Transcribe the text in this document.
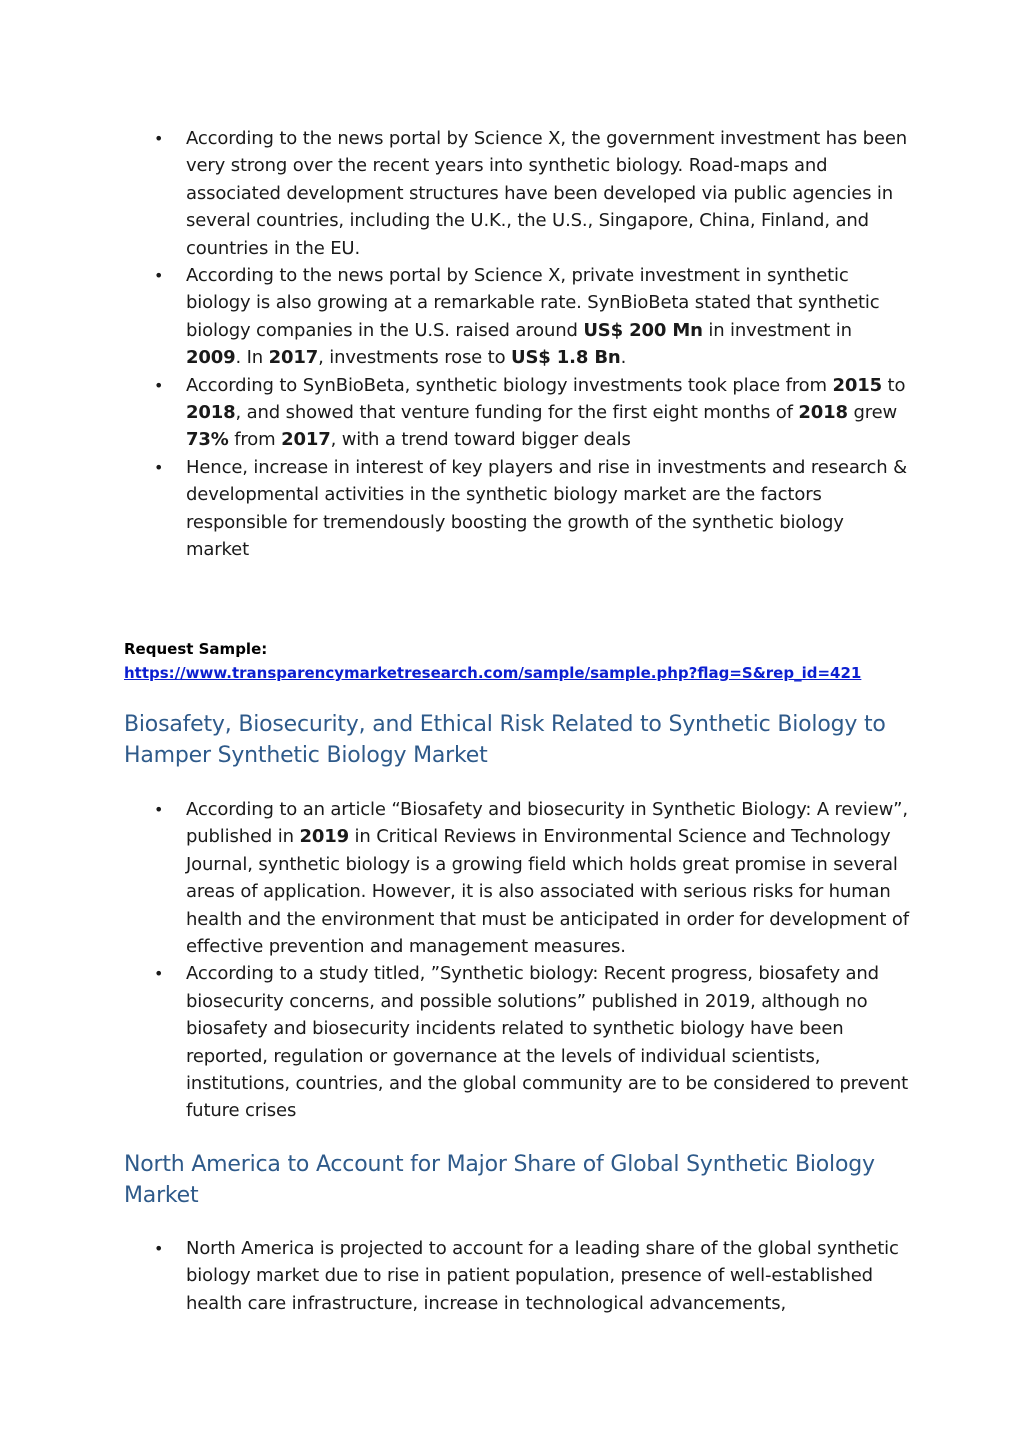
• According to the news portal by Science X, the government investment has been very strong over the recent years into synthetic biology. Road-maps and associated development structures have been developed via public agencies in several countries, including the U.K., the U.S., Singapore, China, Finland, and countries in the EU.
• According to the news portal by Science X, private investment in synthetic biology is also growing at a remarkable rate. SynBioBeta stated that synthetic biology companies in the U.S. raised around US$ 200 Mn in investment in 2009. In 2017, investments rose to US$ 1.8 Bn.
• According to SynBioBeta, synthetic biology investments took place from 2015 to 2018, and showed that venture funding for the first eight months of 2018 grew 73% from 2017, with a trend toward bigger deals
• Hence, increase in interest of key players and rise in investments and research & developmental activities in the synthetic biology market are the factors responsible for tremendously boosting the growth of the synthetic biology market
Request Sample:
https://www.transparencymarketresearch.com/sample/sample.php?flag=S&rep_id=421
Biosafety, Biosecurity, and Ethical Risk Related to Synthetic Biology to Hamper Synthetic Biology Market
• According to an article “Biosafety and biosecurity in Synthetic Biology: A review”, published in 2019 in Critical Reviews in Environmental Science and Technology Journal, synthetic biology is a growing field which holds great promise in several areas of application. However, it is also associated with serious risks for human health and the environment that must be anticipated in order for development of effective prevention and management measures.
• According to a study titled, ”Synthetic biology: Recent progress, biosafety and biosecurity concerns, and possible solutions” published in 2019, although no biosafety and biosecurity incidents related to synthetic biology have been reported, regulation or governance at the levels of individual scientists, institutions, countries, and the global community are to be considered to prevent future crises
North America to Account for Major Share of Global Synthetic Biology Market
• North America is projected to account for a leading share of the global synthetic biology market due to rise in patient population, presence of well-established health care infrastructure, increase in technological advancements,
